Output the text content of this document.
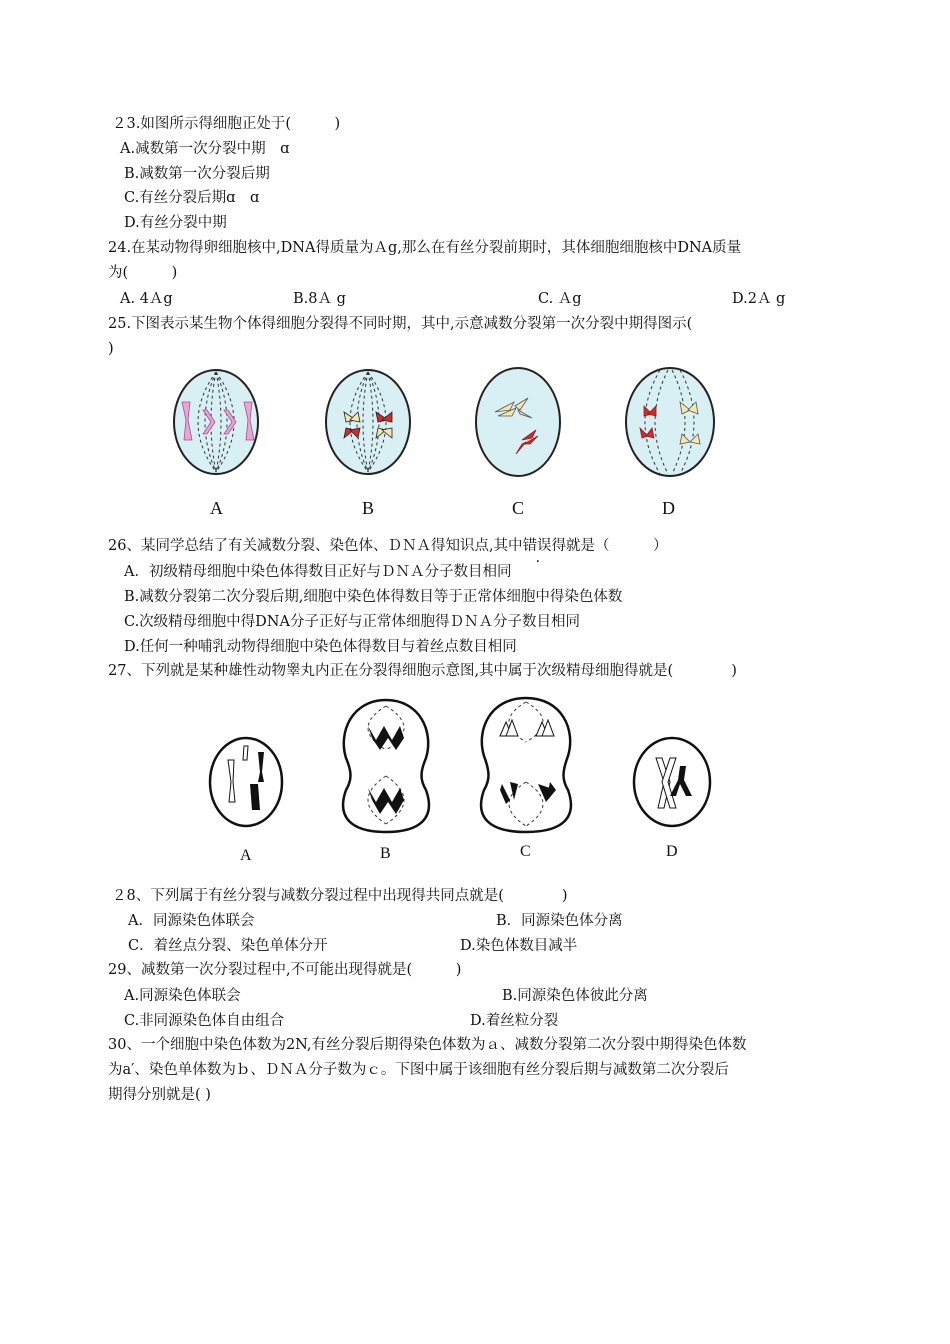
２3.如图所示得细胞正处于(　　　)
A.减数第一次分裂中期　ɑ
B.减数第一次分裂后期
C.有丝分裂后期ɑ　ɑ
D.有丝分裂中期
24.在某动物得卵细胞核中,DNA得质量为Ａg,那么在有丝分裂前期时，其体细胞细胞核中DNA质量
为(　　　)
A. 4Ａg	B.8Ａ g	C. Ａg	D.2Ａ g
25.下图表示某生物个体得细胞分裂得不同时期，其中,示意减数分裂第一次分裂中期得图示(
)
A	B	C	D
26、某同学总结了有关减数分裂、染色体、ＤＮＡ得知识点,其中错误得就是（　　　）
A．初级精母细胞中染色体得数目正好与ＤＮＡ分子数目相同
B.减数分裂第二次分裂后期,细胞中染色体得数目等于正常体细胞中得染色体数
C.次级精母细胞中得DNA分子正好与正常体细胞得ＤＮＡ分子数目相同
D.任何一种哺乳动物得细胞中染色体得数目与着丝点数目相同
27、下列就是某种雄性动物睾丸内正在分裂得细胞示意图,其中属于次级精母细胞得就是(　　　　)
A	B	C	D
２8、下列属于有丝分裂与减数分裂过程中出现得共同点就是(　　　　)
A．同源染色体联会	B．同源染色体分离
C．着丝点分裂、染色单体分开	D.染色体数目减半
29、减数第一次分裂过程中,不可能出现得就是(　　　)
A.同源染色体联会	B.同源染色体彼此分离
C.非同源染色体自由组合	D.着丝粒分裂
30、一个细胞中染色体数为2N,有丝分裂后期得染色体数为ａ、减数分裂第二次分裂中期得染色体数
为a′、染色单体数为ｂ、ＤＮＡ分子数为ｃ。下图中属于该细胞有丝分裂后期与减数第二次分裂后
期得分别就是( )
